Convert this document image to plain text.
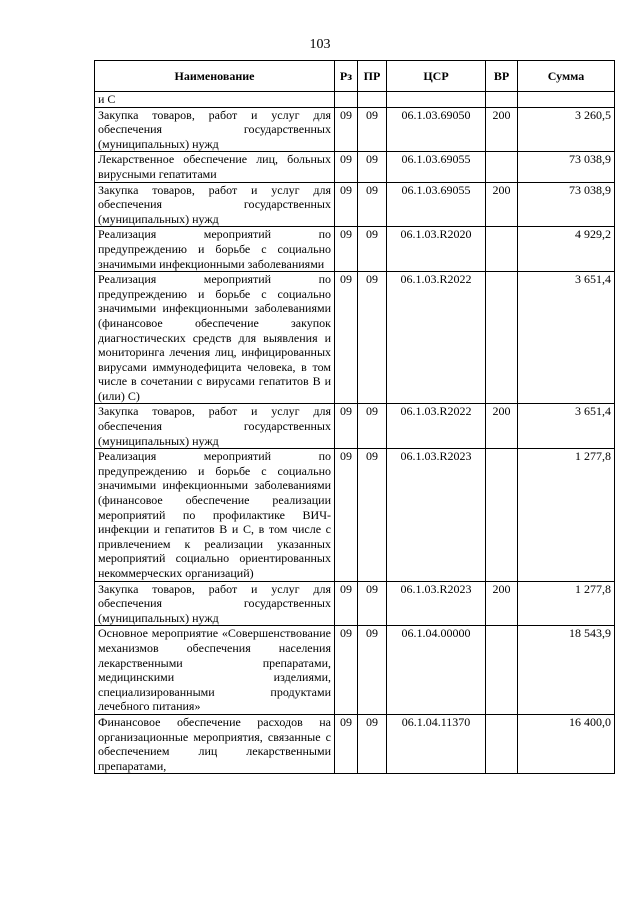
103
Наименование	Рз	ПР	ЦСР	ВР	Сумма
и С					
Закупка товаров, работ и услуг для обеспечения государственных (муниципальных) нужд	09	09	06.1.03.69050	200	3 260,5
Лекарственное обеспечение лиц, больных вирусными гепатитами	09	09	06.1.03.69055		73 038,9
Закупка товаров, работ и услуг для обеспечения государственных (муниципальных) нужд	09	09	06.1.03.69055	200	73 038,9
Реализация мероприятий по предупреждению и борьбе с социально значимыми инфекционными заболеваниями	09	09	06.1.03.R2020		4 929,2
Реализация мероприятий по предупреждению и борьбе с социально значимыми инфекционными заболеваниями (финансовое обеспечение закупок диагностических средств для выявления и мониторинга лечения лиц, инфицированных вирусами иммунодефицита человека, в том числе в сочетании с вирусами гепатитов В и (или) С)	09	09	06.1.03.R2022		3 651,4
Закупка товаров, работ и услуг для обеспечения государственных (муниципальных) нужд	09	09	06.1.03.R2022	200	3 651,4
Реализация мероприятий по предупреждению и борьбе с социально значимыми инфекционными заболеваниями (финансовое обеспечение реализации мероприятий по профилактике ВИЧ-инфекции и гепатитов В и С, в том числе с привлечением к реализации указанных мероприятий социально ориентированных некоммерческих организаций)	09	09	06.1.03.R2023		1 277,8
Закупка товаров, работ и услуг для обеспечения государственных (муниципальных) нужд	09	09	06.1.03.R2023	200	1 277,8
Основное мероприятие «Совершенствование механизмов обеспечения населения лекарственными препаратами, медицинскими изделиями, специализированными продуктами лечебного питания»	09	09	06.1.04.00000		18 543,9
Финансовое обеспечение расходов на организационные мероприятия, связанные с обеспечением лиц лекарственными препаратами,	09	09	06.1.04.11370		16 400,0
